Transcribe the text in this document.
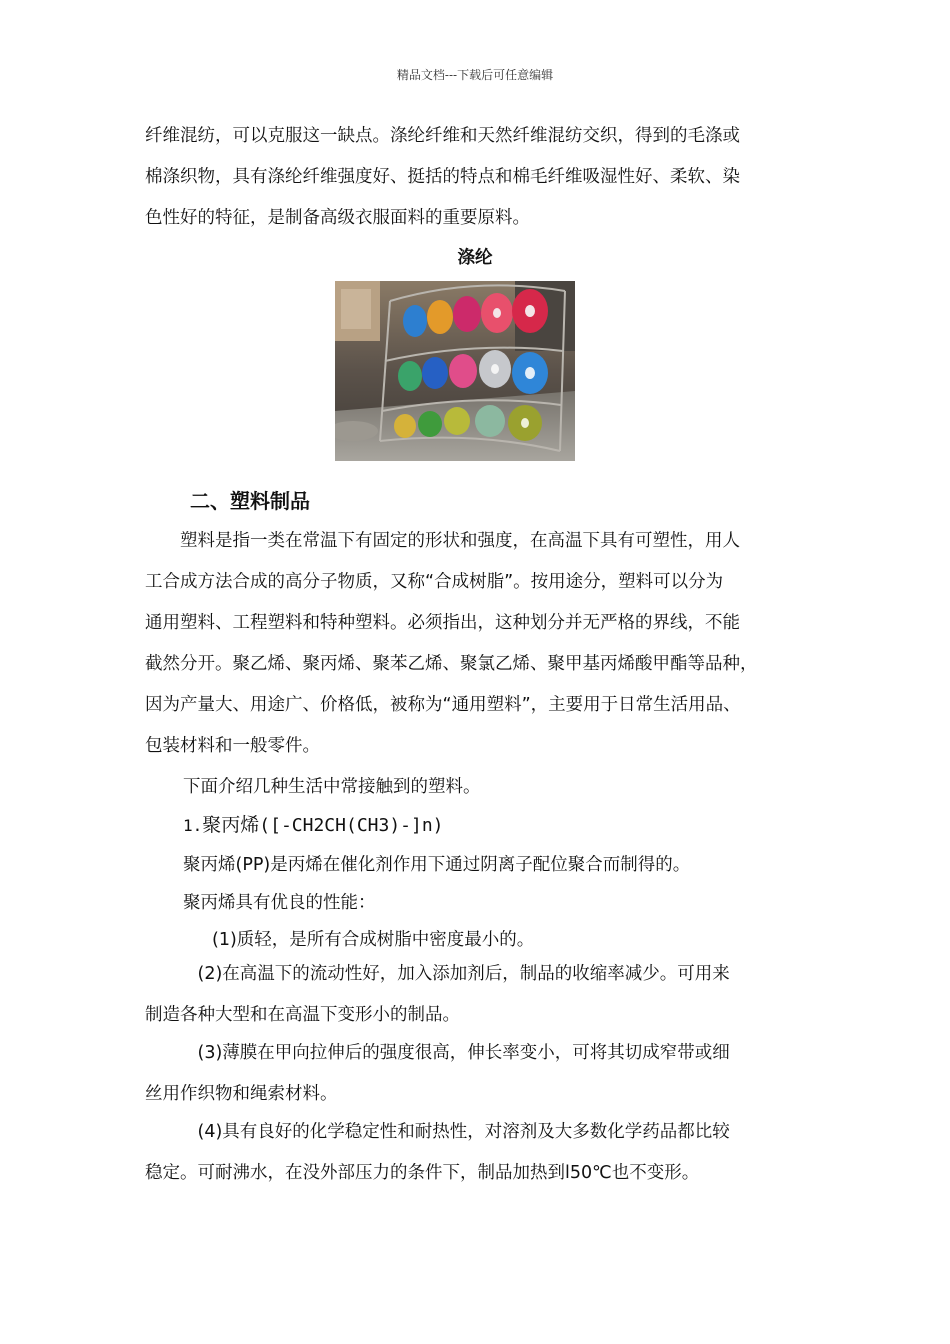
精品文档---下载后可任意编辑
纤维混纺，可以克服这一缺点。涤纶纤维和天然纤维混纺交织，得到的毛涤或
棉涤织物，具有涤纶纤维强度好、挺括的特点和棉毛纤维吸湿性好、柔软、染
色性好的特征，是制备高级衣服面料的重要原料。
涤纶
二、塑料制品
　　塑料是指一类在常温下有固定的形状和强度，在高温下具有可塑性，用人
工合成方法合成的高分子物质，又称“合成树脂”。按用途分，塑料可以分为
通用塑料、工程塑料和特种塑料。必须指出，这种划分并无严格的界线，不能
截然分开。聚乙烯、聚丙烯、聚苯乙烯、聚氯乙烯、聚甲基丙烯酸甲酯等品种，
因为产量大、用途广、价格低，被称为“通用塑料”，主要用于日常生活用品、
包装材料和一般零件。
下面介绍几种生活中常接触到的塑料。
1.聚丙烯([-CH2CH(CH3)-]n)
聚丙烯(PP)是丙烯在催化剂作用下通过阴离子配位聚合而制得的。
聚丙烯具有优良的性能：
(1)质轻，是所有合成树脂中密度最小的。
　　　(2)在高温下的流动性好，加入添加剂后，制品的收缩率减少。可用来
制造各种大型和在高温下变形小的制品。
　　　(3)薄膜在甲向拉伸后的强度很高，伸长率变小，可将其切成窄带或细
丝用作织物和绳索材料。
　　　(4)具有良好的化学稳定性和耐热性，对溶剂及大多数化学药品都比较
稳定。可耐沸水，在没外部压力的条件下，制品加热到l50℃也不变形。
